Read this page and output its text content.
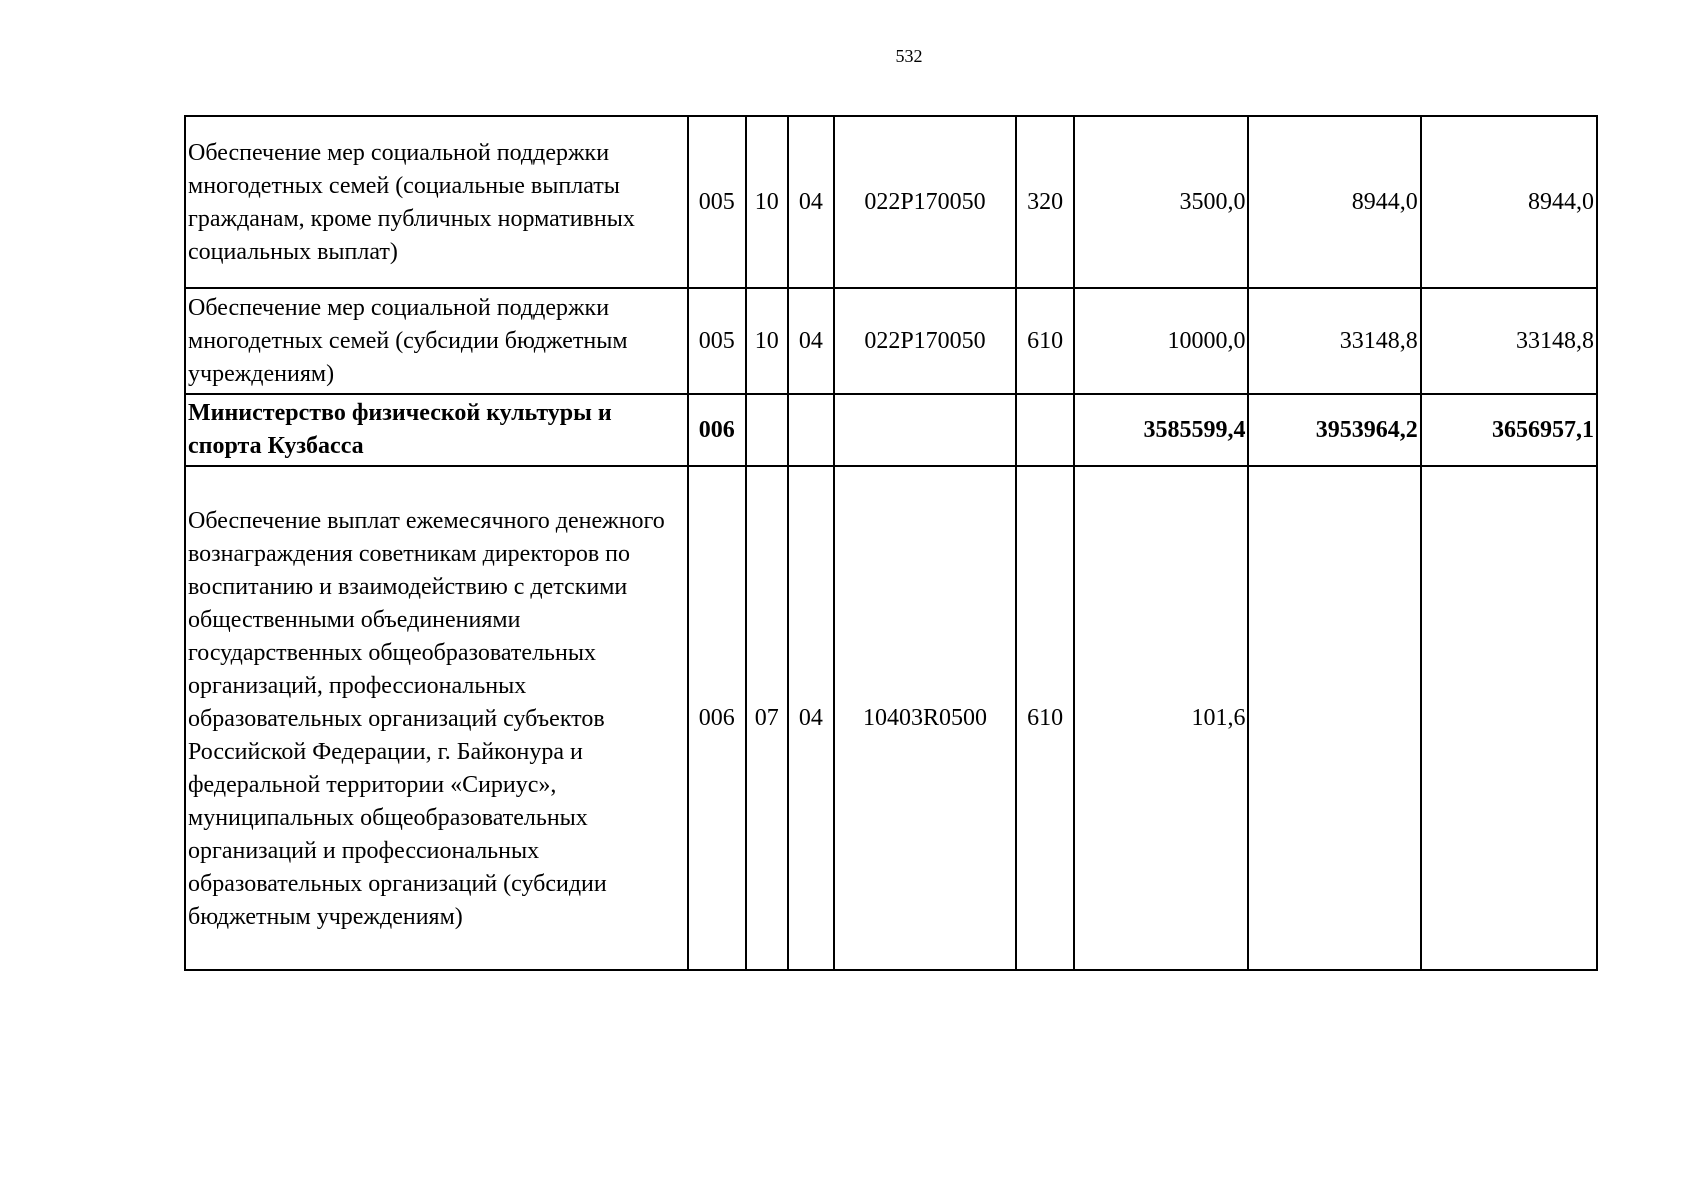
532
Обеспечение мер социальной поддержки многодетных семей (социальные выплаты гражданам, кроме публичных нормативных социальных выплат)	005	10	04	022P170050	320	3500,0	8944,0	8944,0
Обеспечение мер социальной поддержки многодетных семей (субсидии бюджетным учреждениям)	005	10	04	022P170050	610	10000,0	33148,8	33148,8
Министерство физической культуры и спорта Кузбасса	006					3585599,4	3953964,2	3656957,1
Обеспечение выплат ежемесячного денежного вознаграждения советникам директоров по воспитанию и взаимодействию с детскими общественными объединениями государственных общеобразовательных организаций, профессиональных образовательных организаций субъектов Российской Федерации, г. Байконура и федеральной территории «Сириус», муниципальных общеобразовательных организаций и профессиональных образовательных организаций (субсидии бюджетным учреждениям)	006	07	04	10403R0500	610	101,6		
